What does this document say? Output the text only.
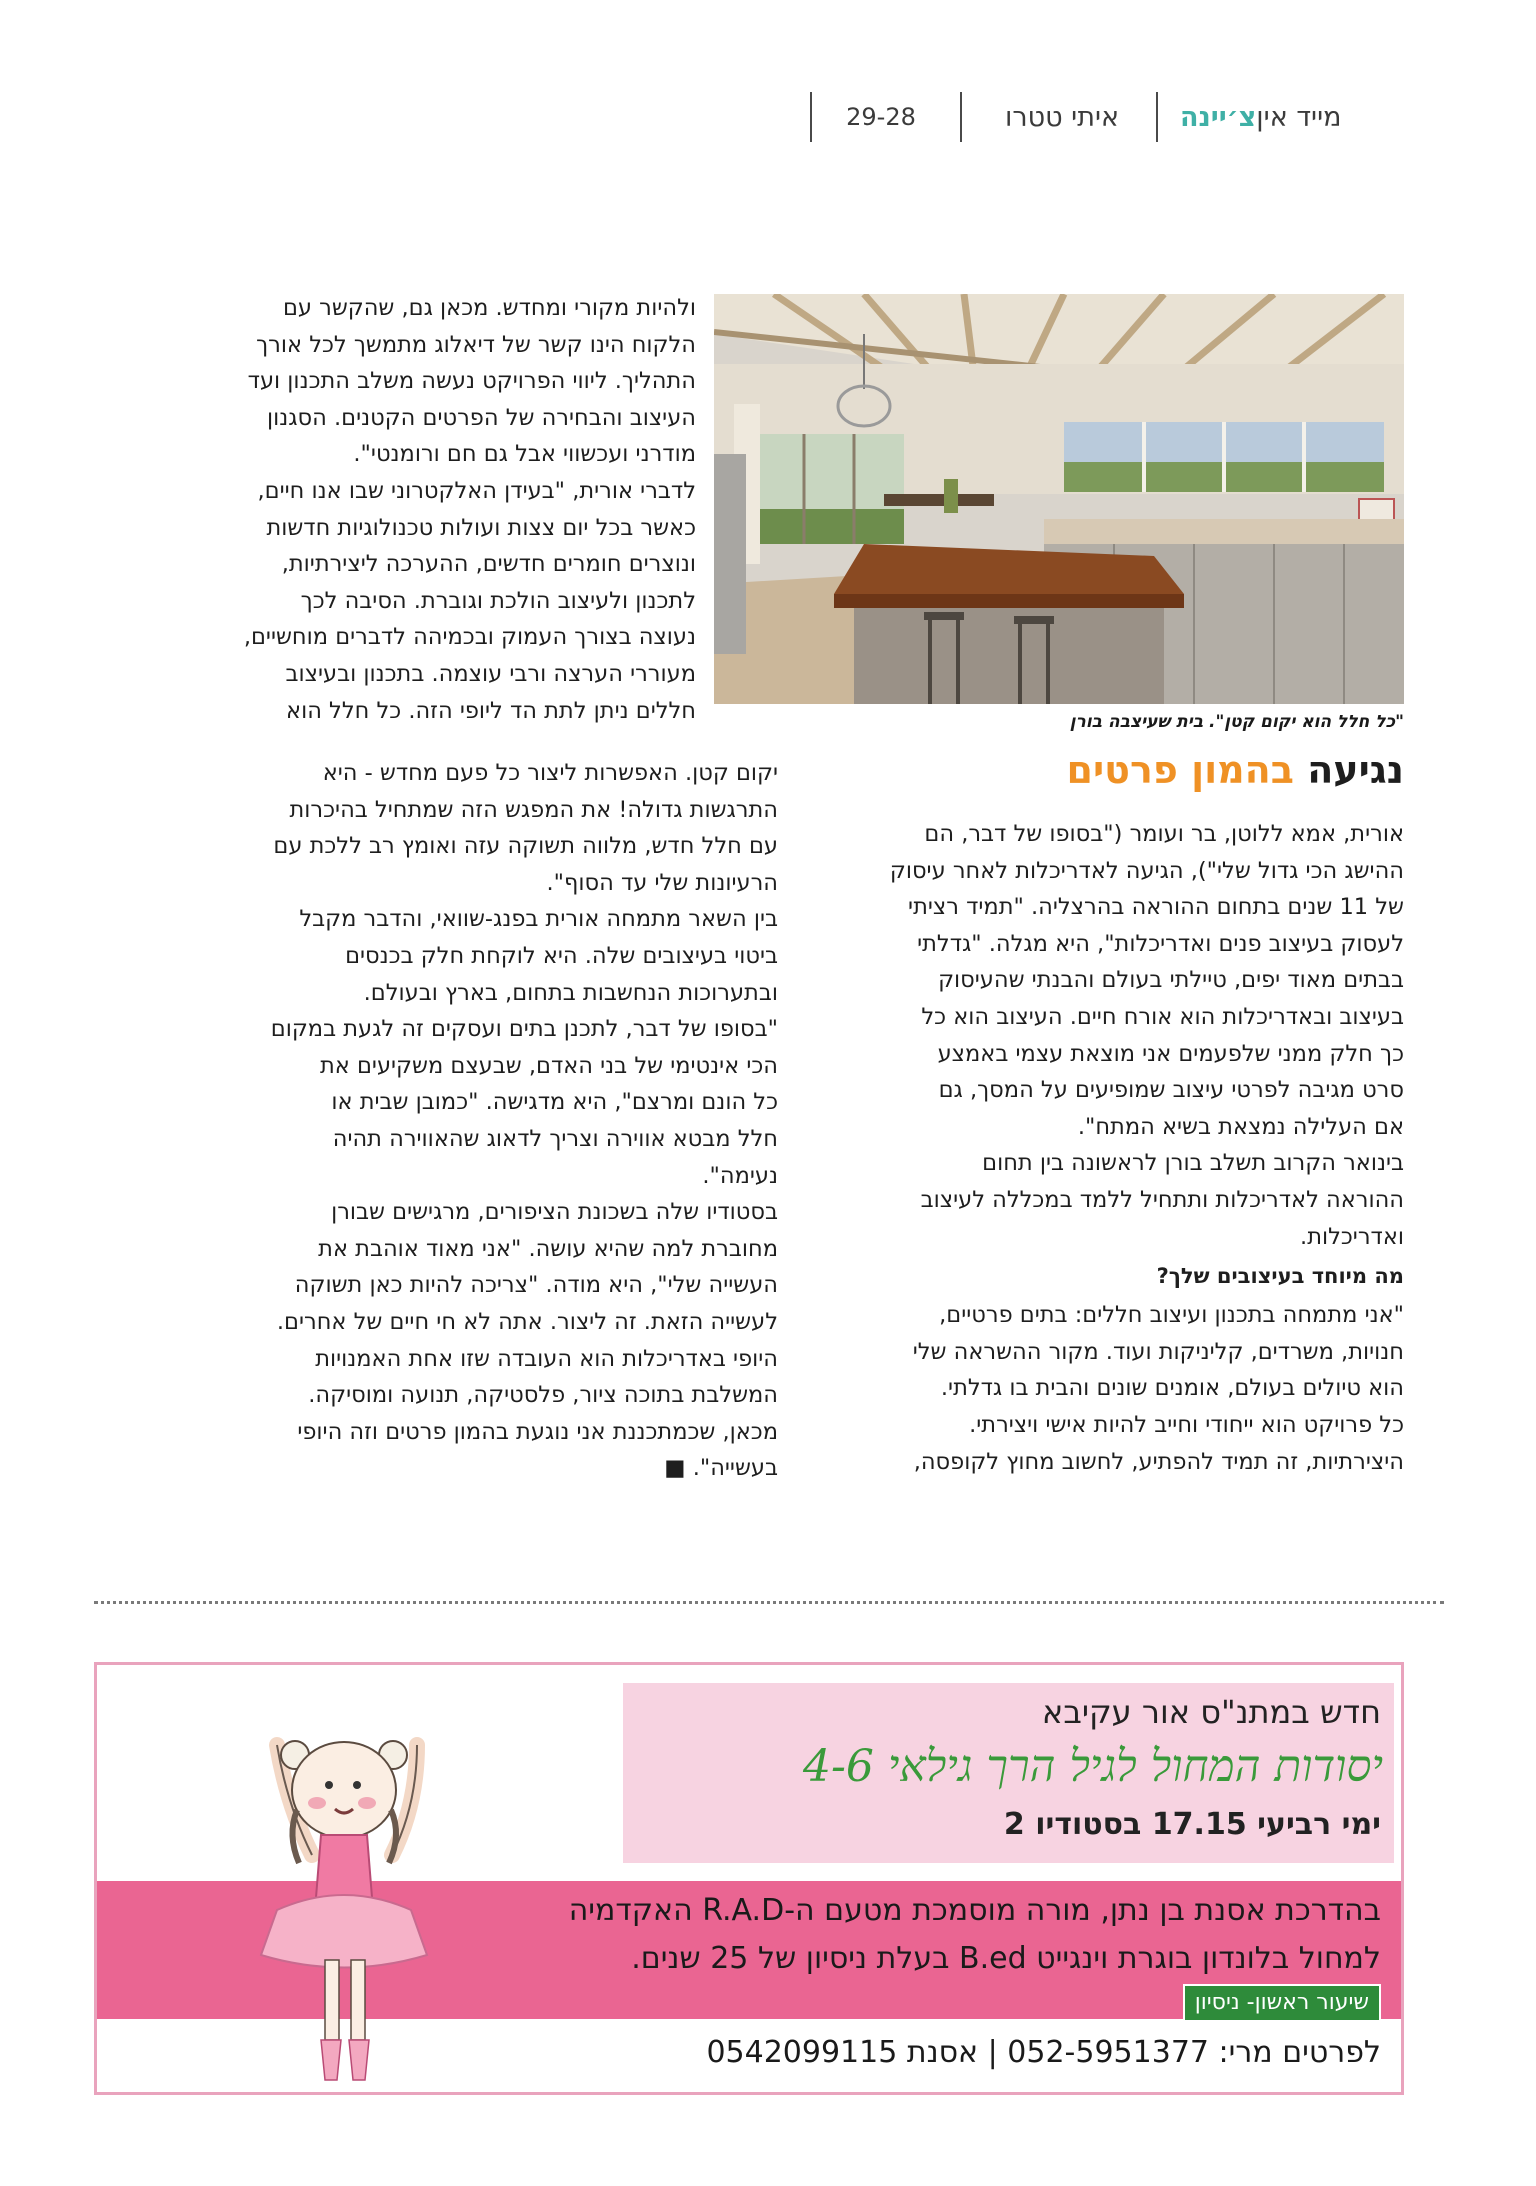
מייד אין
צ׳יינה
איתי טטרו
29-28
"כל חלל הוא יקום קטן". בית שעיצבה בורן
נגיעה בהמון פרטים
אורית, אמא ללוטן, בר ועומר ("בסופו של דבר, הם
ההישג הכי גדול שלי"), הגיעה לאדריכלות לאחר עיסוק
של 11 שנים בתחום ההוראה בהרצליה. "תמיד רציתי
לעסוק בעיצוב פנים ואדריכלות", היא מגלה. "גדלתי
בבתים מאוד יפים, טיילתי בעולם והבנתי שהעיסוק
בעיצוב ובאדריכלות הוא אורח חיים. העיצוב הוא כל
כך חלק ממני שלפעמים אני מוצאת עצמי באמצע
סרט מגיבה לפרטי עיצוב שמופיעים על המסך, גם
אם העלילה נמצאת בשיא המתח".
בינואר הקרוב תשלב בורן לראשונה בין תחום
ההוראה לאדריכלות ותתחיל ללמד במכללה לעיצוב
ואדריכלות.
מה מיוחד בעיצובים שלך?
"אני מתמחה בתכנון ועיצוב חללים: בתים פרטיים,
חנויות, משרדים, קליניקות ועוד. מקור ההשראה שלי
הוא טיולים בעולם, אומנים שונים והבית בו גדלתי.
כל פרויקט הוא ייחודי וחייב להיות אישי ויצירתי.
היצירתיות, זה תמיד להפתיע, לחשוב מחוץ לקופסה,
ולהיות מקורי ומחדש. מכאן גם, שהקשר עם
הלקוח הינו קשר של דיאלוג מתמשך לכל אורך
התהליך. ליווי הפרויקט נעשה משלב התכנון ועד
העיצוב והבחירה של הפרטים הקטנים. הסגנון
מודרני ועכשווי אבל גם חם ורומנטי".
לדברי אורית, "בעידן האלקטרוני שבו אנו חיים,
כאשר בכל יום צצות ועולות טכנולוגיות חדשות
ונוצרים חומרים חדשים, ההערכה ליצירתיות,
לתכנון ולעיצוב הולכת וגוברת. הסיבה לכך
נעוצה בצורך העמוק ובכמיהה לדברים מוחשיים,
מעוררי הערצה ורבי עוצמה. בתכנון ובעיצוב
חללים ניתן לתת הד ליופי הזה. כל חלל הוא
יקום קטן. האפשרות ליצור כל פעם מחדש - היא
התרגשות גדולה! את המפגש הזה שמתחיל בהיכרות
עם חלל חדש, מלווה תשוקה עזה ואומץ רב ללכת עם
הרעיונות שלי עד הסוף".
בין השאר מתמחה אורית בפנג-שוואי, והדבר מקבל
ביטוי בעיצובים שלה. היא לוקחת חלק בכנסים
ובתערוכות הנחשבות בתחום, בארץ ובעולם.
"בסופו של דבר, לתכנן בתים ועסקים זה לגעת במקום
הכי אינטימי של בני האדם, שבעצם משקיעים את
כל הונם ומרצם", היא מדגישה. "כמובן שבית או
חלל מבטא אווירה וצריך לדאוג שהאווירה תהיה
נעימה".
בסטודיו שלה בשכונת הציפורים, מרגישים שבורן
מחוברת למה שהיא עושה. "אני מאוד אוהבת את
העשייה שלי", היא מודה. "צריכה להיות כאן תשוקה
לעשייה הזאת. זה ליצור. אתה לא חי חיים של אחרים.
היופי באדריכלות הוא העובדה שזו אחת האמנויות
המשלבת בתוכה ציור, פלסטיקה, תנועה ומוסיקה.
מכאן, שכמתכננת אני נוגעת בהמון פרטים וזה היופי
בעשייה". ■
חדש במתנ"ס אור עקיבא
יסודות המחול לגיל הרך גילאי 4-6
ימי רביעי 17.15 בסטודיו 2
בהדרכת אסנת בן נתן, מורה מוסמכת מטעם ה-R.A.D האקדמיה
למחול בלונדון בוגרת וינגייט B.ed בעלת ניסיון של 25 שנים.
שיעור ראשון- ניסיון
לפרטים מרי: 052-5951377 | אסנת 0542099115
